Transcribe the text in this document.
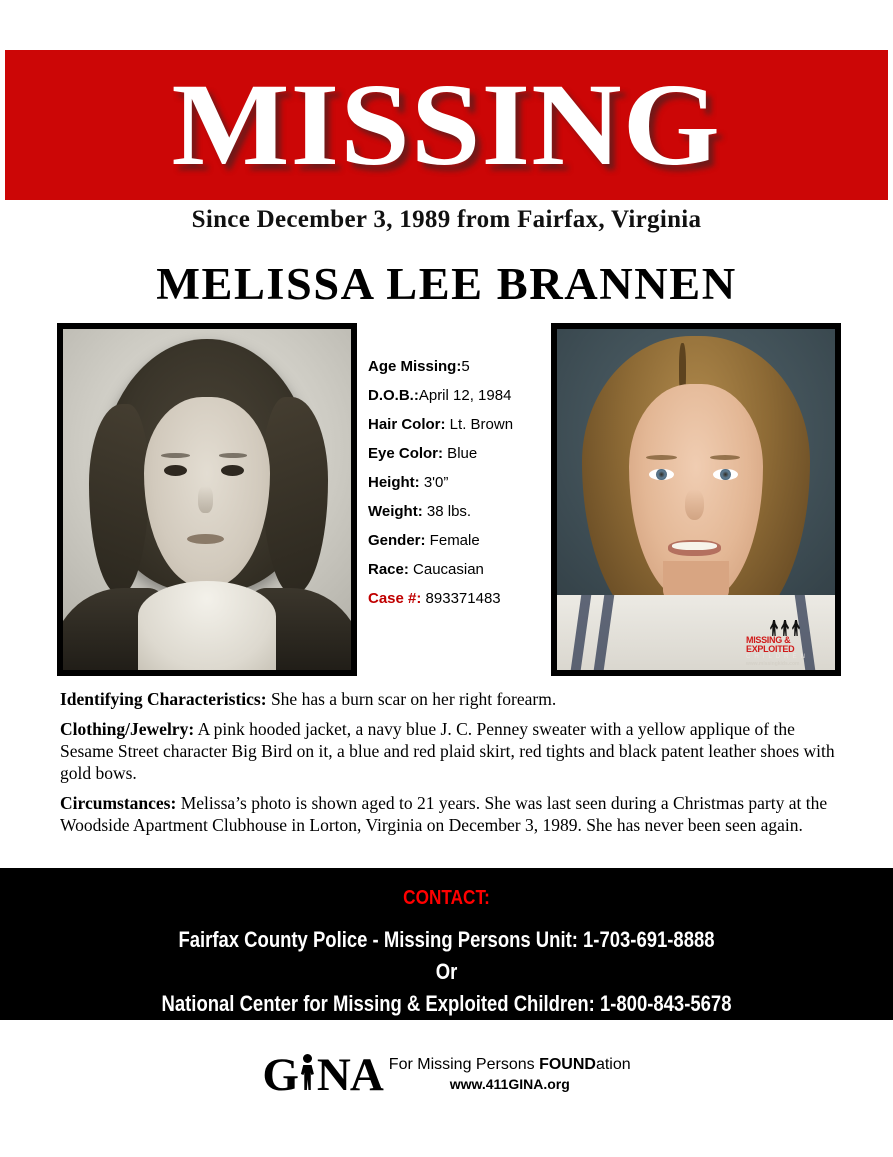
MISSING
Since December 3, 1989 from Fairfax, Virginia
MELISSA LEE BRANNEN
Age Missing:5
D.O.B.:April 12, 1984
Hair Color: Lt. Brown
Eye Color: Blue
Height: 3'0”
Weight: 38 lbs.
Gender: Female
Race: Caucasian
Case #: 893371483
MISSING &
EXPLOITED
C H I L D R E N
www.missingkids.com
Identifying Characteristics: She has a burn scar on her right forearm.
Clothing/Jewelry: A pink hooded jacket, a navy blue J. C. Penney sweater with a yellow applique of the Sesame Street character Big Bird on it, a blue and red plaid skirt, red tights and black patent leather shoes with gold bows.
Circumstances: Melissa’s photo is shown aged to 21 years. She was last seen during a Christmas party at the Woodside Apartment Clubhouse in Lorton, Virginia on December 3, 1989. She has never been seen again.
CONTACT:
Fairfax County Police - Missing Persons Unit: 1-703-691-8888
Or
National Center for Missing & Exploited Children: 1-800-843-5678
G NA For Missing Persons FOUNDation
www.411GINA.org
